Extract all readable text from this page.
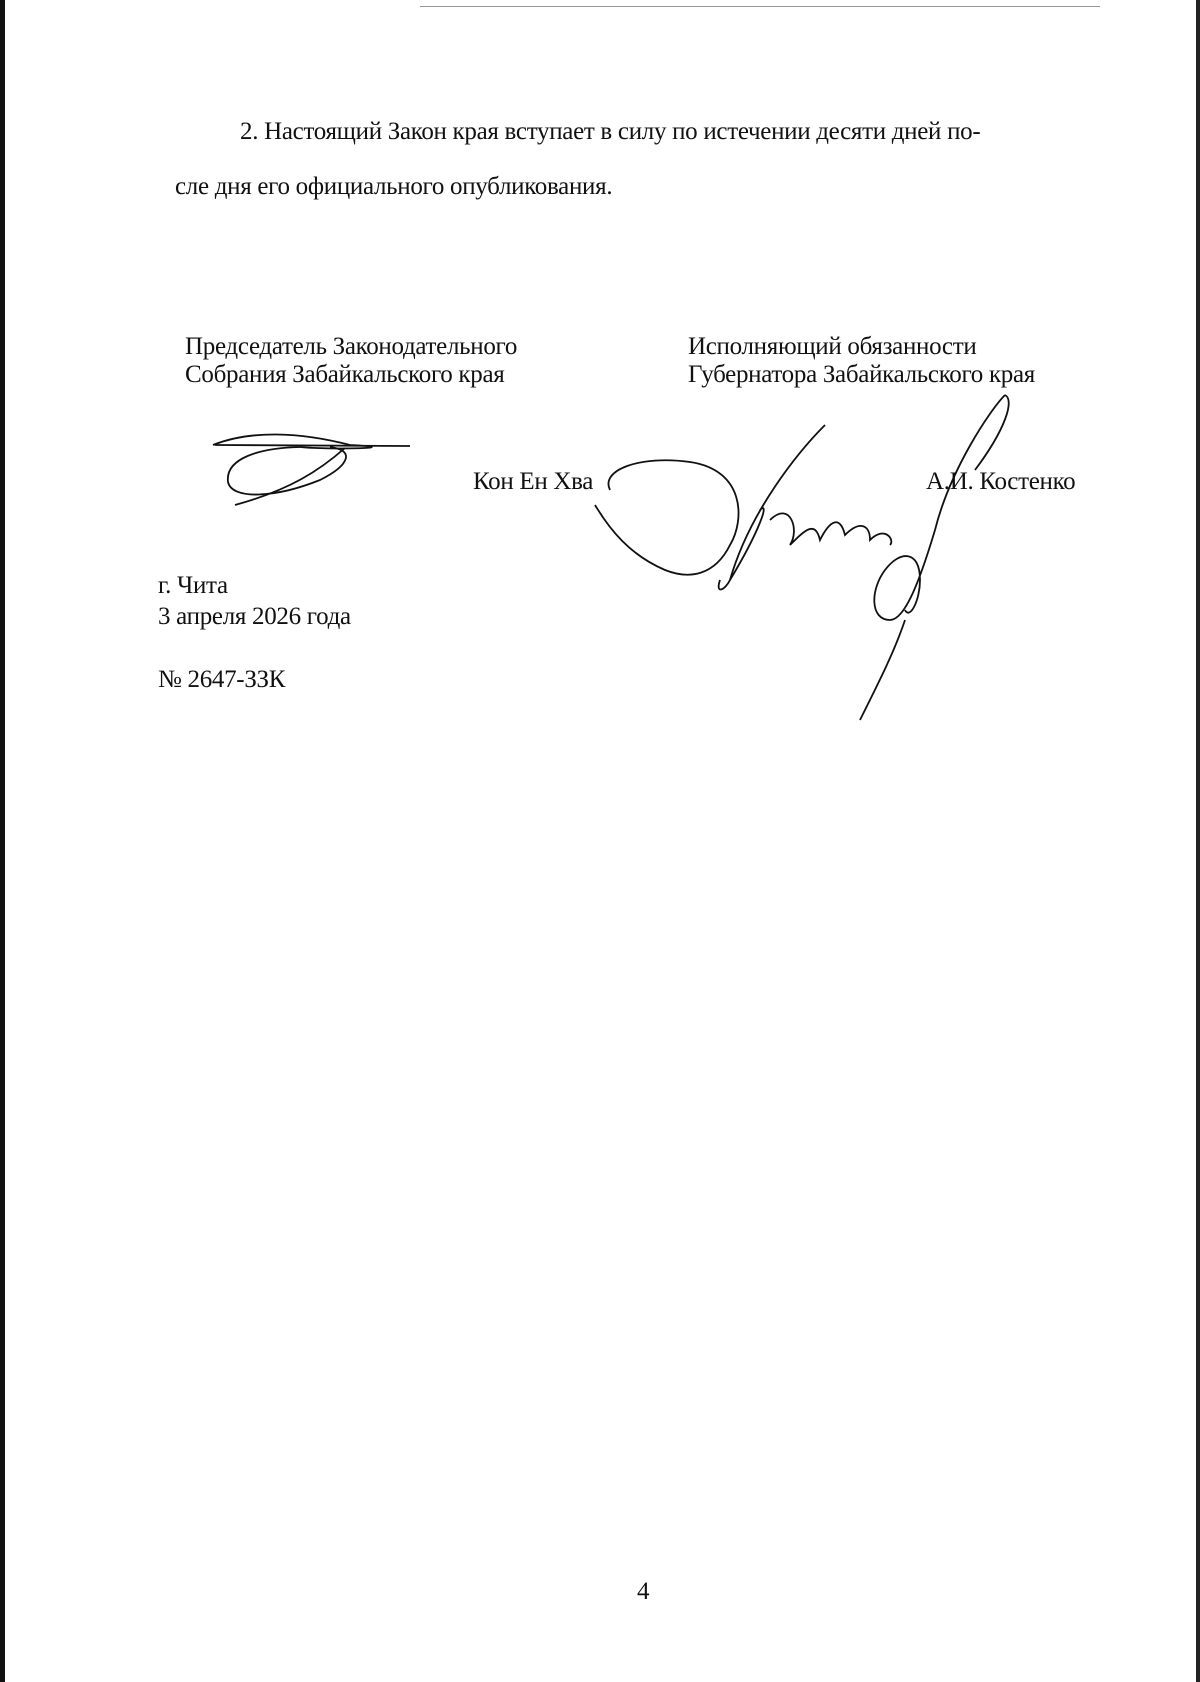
2. Настоящий Закон края вступает в силу по истечении десяти дней по-
сле дня его официального опубликования.
Председатель Законодательного
Собрания Забайкальского края
Исполняющий обязанности
Губернатора Забайкальского края
Кон Ен Хва	А.И. Костенко
г. Чита
3 апреля 2026 года
№ 2647-ЗЗК
4
